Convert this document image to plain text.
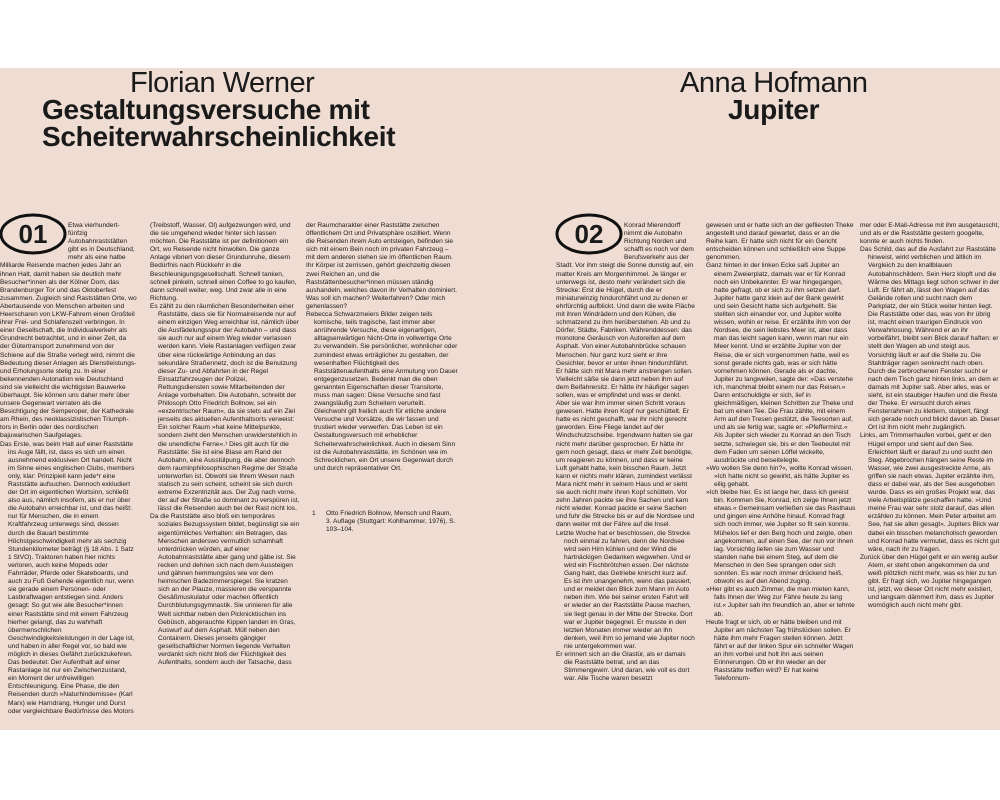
Florian Werner
Gestaltungsversuche mit
Scheiterwahrscheinlichkeit
01	Etwa vierhundert-fünfzig Autobahnraststätten gibt es in Deutschland, mehr als eine halbe Milliarde Reisende machen jedes Jahr an ihnen Halt, damit haben sie deutlich mehr Besucher*innen als der Kölner Dom, das Brandenburger Tor und das Oktoberfest zusammen. Zugleich sind Raststätten Orte, wo Abertausende von Menschen arbeiten und Heerscharen von LKW-Fahrern einen Großteil ihrer Frei- und Schlafenszeit verbringen. In einer Gesellschaft, die Individualverkehr als Grundrecht betrachtet, und in einer Zeit, da der Gütertransport zunehmend von der Schiene auf die Straße verlegt wird, nimmt die Bedeutung dieser Anlagen als Dienstleistungs- und Erholungsorte stetig zu. In einer bekennenden Autonation wie Deutschland sind sie vielleicht die wichtigsten Bauwerke überhaupt. Sie können uns daher mehr über unsere Gegenwart verraten als die Besichtigung der Semperoper, der Kathedrale am Rhein, des neoklassizistischen Triumphtors in Berlin oder des nordischen bajuwarischen Saufgelages.

Das Erste, was beim Halt auf einer Raststätte ins Auge fällt, ist, dass es sich um einen ausnehmend exklusiven Ort handelt. Nicht im Sinne eines englischen Clubs, members only, klar: Prinzipiell kann jede*r eine Raststätte aufsuchen. Dennoch exkludiert der Ort im eigentlichen Wortsinn, schließt also aus, nämlich insofern, als er nur über die Autobahn erreichbar ist, und das heißt: nur für Menschen, die in einem Kraftfahrzeug unterwegs sind, dessen durch die Bauart bestimmte Höchstgeschwindigkeit mehr als sechzig Stundenkilometer beträgt (§ 18 Abs. 1 Satz 1 StVO). Traktoren haben hier nichts verloren, auch keine Mopeds oder Fahrräder, Pferde oder Skateboards, und auch zu Fuß Gehende eigentlich nur, wenn sie gerade einem Personen- oder Lastkraftwagen entstiegen sind. Anders gesagt: So gut wie alle Besucher*innen einer Raststätte sind mit einem Fahrzeug hierher gelangt, das zu wahrhaft übermenschlichen Geschwindigkeitsleistungen in der Lage ist, und haben in aller Regel vor, so bald wie möglich in dieses Gefährt zurückzukehren. Das bedeutet: Der Aufenthalt auf einer Rastanlage ist nur ein Zwischenzustand, ein Moment der unfreiwilligen Entschleunigung. Eine Phase, die den Reisenden durch »Naturhindernisse« (Karl Marx) wie Harndrang, Hunger und Durst oder vergleichbare Bedürfnisse des Motors

(Treibstoff, Wasser, Öl) aufgezwungen wird, und die sie umgehend wieder hinter sich lassen möchten. Die Raststätte ist per definitionem ein Ort, wo Reisende nicht hinwollen. Die ganze Anlage vibriert von dieser Grundunruhe, diesem Bedürfnis nach Rückkehr in die Beschleunigungsgesellschaft. Schnell tanken, schnell pinkeln, schnell einen Coffee to go kaufen, dann schnell weiter, weg. Und zwar alle in eine Richtung.

Es zählt zu den räumlichen Besonderheiten einer Raststätte, dass sie für Normalreisende nur auf einem einzigen Weg erreichbar ist, nämlich über die Ausfädelungsspur der Autobahn – und dass sie auch nur auf einem Weg wieder verlassen werden kann. Viele Rastanlagen verfügen zwar über eine rückwärtige Anbindung an das sekundäre Straßennetz, doch ist die Benutzung dieser Zu- und Abfahrten in der Regel Einsatzfahrzeugen der Polizei, Rettungsdiensten sowie Mitarbeitenden der Anlage vorbehalten. Die Autobahn, schreibt der Philosoph Otto Friedrich Bollnow, sei ein »exzentrischer Raum«, da sie stets auf ein Ziel jenseits des aktuellen Aufenthaltsorts verweist: Ein solcher Raum »hat keine Mittelpunkte, sondern zieht den Menschen unwiderstehlich in die unendliche Ferne«.¹ Dies gilt auch für die Raststätte: Sie ist eine Blase am Rand der Autobahn, eine Ausstülpung, die aber dennoch dem rauminphilosophischen Regime der Straße unterworfen ist. Obwohl sie Ihrem Wesen nach statisch zu sein scheint, scheint sie sich durch extreme Exzentrizität aus. Der Zug nach vorne, der auf der Straße so dominant zu verspüren ist, lässt die Reisenden auch bei der Rast nicht los.

Da die Raststätte also bloß ein temporäres soziales Bezugssystem bildet, begünstigt sie ein eigentümliches Verhalten: ein Betragen, das Menschen anderswo vermutlich schamhaft unterdrücken würden, auf einer Autobahnraststätte aber gang und gäbe ist. Sie recken und dehnen sich nach dem Aussteigen und gähnen hemmungslos wie vor dem heimischen Badezimmerspiegel. Sie kratzen sich an der Plauze, massieren die verspannte Gesäßmuskulatur oder machen öffentlich Durchblutungsgymnastik. Sie urinieren für alle Welt sichtbar neben den Picknicktischen ins Gebüsch, abgerauchte Kippen landen im Gras, Auswurf auf dem Asphalt. Müll neben den Containern. Dieses jenseits gängiger gesellschaftlicher Normen liegende Verhalten verdankt sich nicht bloß der Flüchtigkeit des Aufenthalts, sondern auch der Tatsache, dass

der Raumcharakter einer Raststätte zwischen öffentlichem Ort und Privatsphäre oszilliert. Wenn die Reisenden ihrem Auto entsteigen, befinden sie sich mit einem Bein noch im privaten Fahrzeug – mit dem anderen stehen sie im öffentlichen Raum. Ihr Körper ist zerrissen, gehört gleichzeitig diesen zwei Reichen an, und die Raststättenbesucher*innen müssen ständig aushandeln, welches davon ihr Verhalten dominiert. Was soll ich machen? Weiterfahren? Oder mich gehenlassen?

Rebecca Schwarzmeiers Bilder zeigen teils komische, teils tragische, fast immer aber anrührende Versuche, diese eigenartigen, alltagsenwärtigen Nicht-Orte in vollwertige Orte zu verwandeln. Sie persönlicher, wohnlicher oder zumindest etwas erträglicher zu gestalten, der wesenhaften Flüchtigkeit des Raststättenaufenthalts eine Anmutung von Dauer entgegenzusetzen. Bedenkt man die oben genannten Eigenschaften dieser Transitorte, muss man sagen: Diese Versuche sind fast zwangsläufig zum Scheitern verurteilt. Gleichwohl gilt freilich auch für etliche andere Versuche und Vorsätze, die wir fassen und trustiert wieder verwerfen. Das Leben ist ein Gestaltungsversuch mit erheblicher Scheiterwahrscheinlichkeit. Auch in diesem Sinn ist die Autobahnraststätte, im Schönen wie im Schrecklichen, ein Ort unsere Gegenwart durch und durch repräsentativer Ort.

1	Otto Friedrich Bollnow, Mensch und Raum, 3. Auflage (Stuttgart: Kohlhammer, 1976), S. 103–104.
Anna Hofmann
Jupiter
02	Konrad Mierendorff nimmt die Autobahn Richtung Norden und schafft es noch vor dem Berufsverkehr aus der Stadt. Vor ihm steigt die Sonne dunstig auf, ein matter Kreis am Morgenhimmel. Je länger er unterwegs ist, desto mehr verändert sich die Strecke: Erst die Hügel, durch die er miniaturwinzig hindurchfährt und zu denen er ehrfürchtig aufblickt. Und dann die weite Fläche mit ihren Windrädern und den Kühen, die schmatzend zu ihm herüberstehen. Ab und zu Dörfer, Städte, Fabriken. Währenddessen: das monotone Geräusch von Autoreifen auf dem Asphalt. Von einer Autobahnbrücke schauen Menschen. Nur ganz kurz sieht er ihre Gesichter, bevor er unter ihnen hindurchfährt. Er hätte sich mit Mara mehr anstrengen sollen. Vielleicht säße sie dann jetzt neben ihm auf dem Beifahrersitz. Er hätte ihr häufiger sagen sollen, was er empfindet und was er denkt. Aber sie war ihm immer einen Schritt voraus gewesen. Hatte ihren Kopf nur geschüttelt. Er hatte es nicht geschafft, war ihr nicht gerecht geworden. Eine Fliege landet auf der Windschutzscheibe. Irgendwann hatten sie gar nicht mehr darüber gesprochen. Er hätte ihr gern noch gesagt, dass er mehr Zeit benötigte, um reagieren zu können, und dass er keine Luft gehabt hatte, kein bisschen Raum. Jetzt kann er nichts mehr klären, zumindest verlässt Mara nicht mehr in seinem Haus und er sieht sie auch nicht mehr ihren Kopf schütteln. Vor zehn Jahren packte sie ihre Sachen und kam nicht wieder. Konrad packte er seine Sachen und fuhr die Strecke bis er auf die Nordsee und dann weiter mit der Fähre auf die Insel.

Letzte Woche hat er beschlossen, die Strecke noch einmal zu fahren, denn die Nordsee wird sein Hirn kühlen und der Wind die hartnäckigen Gedanken wegwehen. Und er wird ein Fischbrötchen essen. Der nächste Gang hakt, das Getriebe knirscht kurz auf. Es ist ihm unangenehm, wenn das passiert, und er meidet den Blick zum Mann im Auto neben ihm. Wie bei seiner ersten Fahrt will er wieder an der Raststätte Pause machen, sie liegt genau in der Mitte der Strecke. Dort war er Jupiter begegnet. Er musste in den letzten Monaten immer wieder an ihn denken, weil ihm so jemand wie Jupiter noch nie untergekommen war.

Er erinnert sich an die Glastür, als er damals die Raststätte betrat, und an das Stimmengewirr. Und daran, wie voll es dort war. Alle Tische waren besetzt

gewesen und er hatte sich an der gefliesten Theke angestellt und darauf gewartet, dass er an die Reihe kam. Er hatte sich nicht für ein Gericht entscheiden können und schließlich eine Suppe genommen.

Ganz hinten in der linken Ecke saß Jupiter an einem Zweierplatz, damals war er für Konrad noch ein Unbekannter. Er war hingegangen, hatte gefragt, ob er sich zu ihm setzen darf. Jupiter hatte ganz klein auf der Bank gewirkt und sein Gesicht hatte sich aufgehellt. Sie stellten sich einander vor, und Jupiter wollte wissen, wohin er reise. Er erzählte ihm von der Nordsee, die sein liebstes Meer ist, aber dass man das leicht sagen kann, wenn man nur ein Meer kennt. Und er erzählte Jupiter von der Reise, die er sich vorgenommen hatte, weil es sonst gerade nichts gab, was er sich hätte vornehmen können. Gerade als er dachte, Jupiter zu langweilen, sagte der: »Das verstehe ich, manchmal bleibt einem nur das Reisen.« Dann entschuldigte er sich, lief in gleichmäßigen, kleinen Schritten zur Theke und bat um einen Tee. Die Frau zählte, mit einem Arm auf den Tresen gestützt, die Teesorten auf, und als sie fertig war, sagte er: »Pfefferminz.« Als Jupiter sich wieder zu Konrad an den Tisch setzte, schwiegen sie, bis er den Teebeutel mit dem Faden um seinen Löffel wickelte, ausdrückte und beiseitelegte.

»Wo wollen Sie denn hin?«, wollte Konrad wissen. »Ich hatte nicht so gewirkt, als hätte Jupiter es eilig gehabt.

»Ich bleibe hier. Es ist lange her, dass ich gereist bin. Kommen Sie, Konrad, ich zeige Ihnen jetzt etwas.« Gemeinsam verließen sie das Rasthaus und gingen eine Anhöhe hinauf. Konrad fragt sich noch immer, wie Jupiter so fit sein konnte. Mühelos lief er den Berg hoch und zeigte, oben angekommen, auf einen See, der nun vor ihnen lag. Vorsichtig liefen sie zum Wasser und standen nahe bei einem Steg, auf dem die Menschen in den See sprangen oder sich sonnten. Es war noch immer drückend heiß, obwohl es auf den Abend zuging.

»Hier gibt es auch Zimmer, die man mieten kann, falls Ihnen der Weg zur Fähre heute zu lang ist.« Jupiter sah ihn freundlich an, aber er lehnte ab.

Heute fragt er sich, ob er hätte bleiben und mit Jupiter am nächsten Tag frühstücken sollen. Er hätte ihm mehr Fragen stellen können. Jetzt fährt er auf der linken Spur ein schneller Wagen an ihm vorbei und holt ihn aus seinen Erinnerungen. Ob er ihn wieder an der Raststätte treffen wird? Er hat keine Telefonnum-

mer oder E-Mail-Adresse mit ihm ausgetauscht, und als er die Raststätte gestern googelte, konnte er auch nichts finden.

Das Schild, das auf die Ausfahrt zur Raststätte hinweist, wirkt verblichen und ältlich im Vergleich zu den knallblauen Autobahnschildern. Sein Herz klopft und die Wärme des Mittags liegt schon schwer in der Luft. Er fährt ab, lässt den Wagen auf das Gelände rollen und sucht nach dem Parkplatz, der ein Stück weiter hinten liegt. Die Raststätte oder das, was von ihr übrig ist, macht einen traurigen Eindruck von Verwahrlosung. Während er an ihr vorbeifährt, bleibt sein Blick darauf haften: er stellt den Wagen ab und steigt aus. Vorsichtig läuft er auf die Stelle zu. Die Stahlträger ragen senkrecht nach oben. Durch die zerbrochenen Fenster sucht er nach dem Tisch ganz hinten links, an dem er damals mit Jupiter saß. Aber alles, was er sieht, ist ein staubiger Haufen und die Reste der Theke. Er versucht durch eines Fensterrahmen zu klettern, stolpert, fängt sich gerade noch und blickt davon ab. Dieser Ort ist ihm nicht mehr zugänglich.

Links, am Trimmerhaufen vorbei, geht er den Hügel empor und sieht auf den See. Erleichtert läuft er darauf zu und sucht den Steg. Abgebrochen hängen seine Reste im Wasser, wie zwei ausgestreckte Arme, als griffen sie nach etwas. Jupiter erzählte ihm, dass er dabei war, als der See ausgehoben wurde. Dass es ein großes Projekt war, das viele Arbeitsplätze geschaffen hatte. »Und meine Frau war sehr stolz darauf, das allen erzählen zu können. Mein Peter arbeitet am See, hat sie allen gesagt«. Jupiters Blick war dabei ein bisschen melancholisch geworden und Konrad hatte vermutet, dass es nicht gut wäre, nach ihr zu fragen.

Zurück über den Hügel geht er ein wenig außer Atem, er steht oben angekommen da und weiß plötzlich nicht mehr, was es hier zu tun gibt. Er fragt sich, wo Jupiter hingegangen ist, jetzt, wo dieser Ort nicht mehr existiert, und langsam dämmert ihm, dass es Jupiter womöglich auch nicht mehr gibt.
